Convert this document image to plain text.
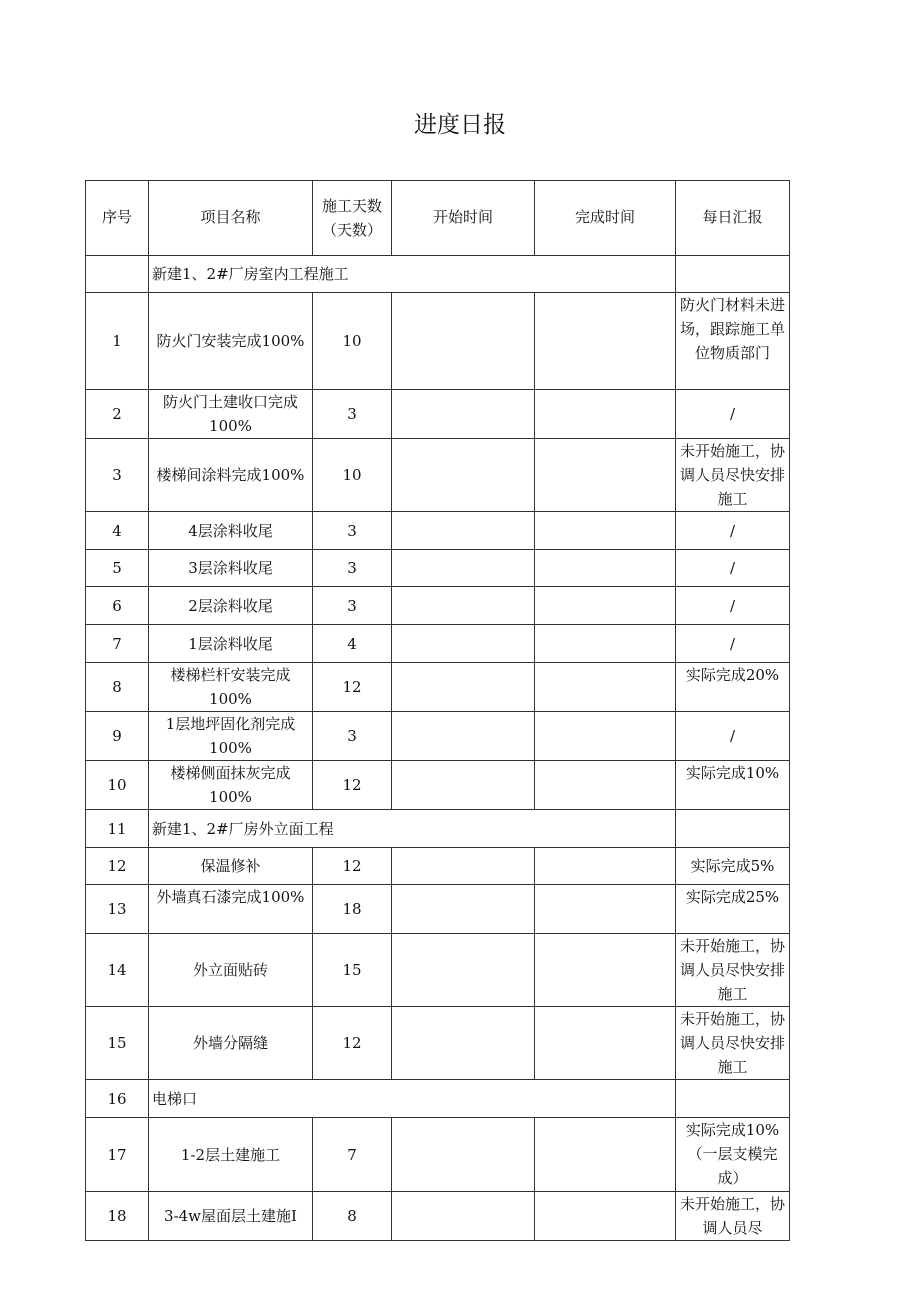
进度日报
序号	项目名称	施工天数（天数）	开始时间	完成时间	每日汇报
	新建1、2#厂房室内工程施工				
1	防火门安装完成100%	10			防火门材料未进场，跟踪施工单位物质部门
2	防火门土建收口完成100%	3			/
3	楼梯间涂料完成100%	10			未开始施工，协调人员尽快安排施工
4	4层涂料收尾	3			/
5	3层涂料收尾	3			/
6	2层涂料收尾	3			/
7	1层涂料收尾	4			/
8	楼梯栏杆安装完成100%	12			实际完成20%
9	1层地坪固化剂完成100%	3			/
10	楼梯侧面抹灰完成100%	12			实际完成10%
11	新建1、2#厂房外立面工程				
12	保温修补	12			实际完成5%
13	外墙真石漆完成100%	18			实际完成25%
14	外立面贴砖	15			未开始施工，协调人员尽快安排施工
15	外墙分隔缝	12			未开始施工，协调人员尽快安排施工
16	电梯口				
17	1-2层土建施工	7			实际完成10%（一层支模完成）
18	3-4w屋面层土建施I	8			未开始施工，协调人员尽
